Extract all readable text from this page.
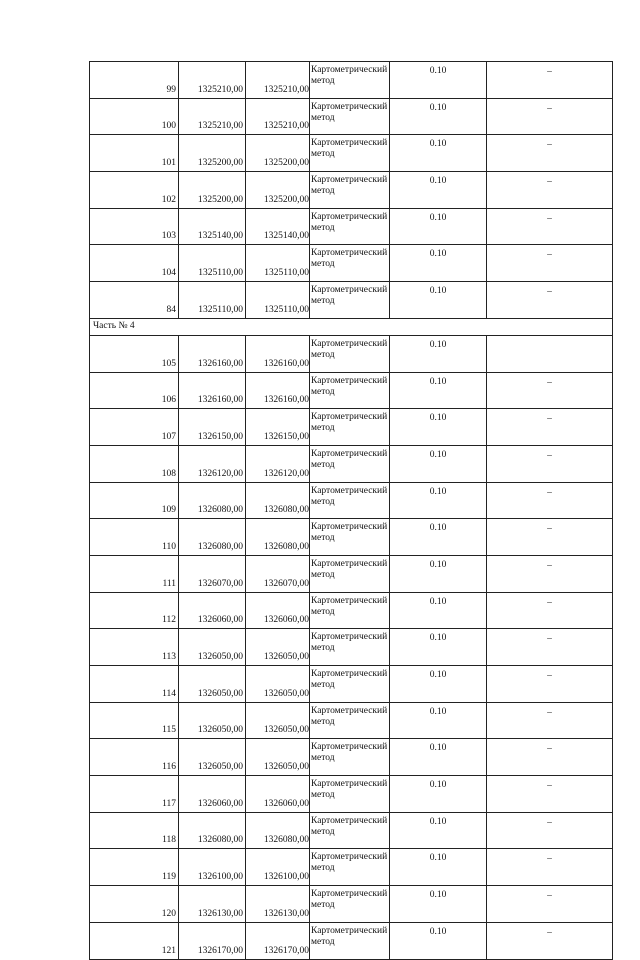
99	1325210,00	1325210,00	Картометрический метод	0.10	–
100	1325210,00	1325210,00	Картометрический метод	0.10	–
101	1325200,00	1325200,00	Картометрический метод	0.10	–
102	1325200,00	1325200,00	Картометрический метод	0.10	–
103	1325140,00	1325140,00	Картометрический метод	0.10	–
104	1325110,00	1325110,00	Картометрический метод	0.10	–
84	1325110,00	1325110,00	Картометрический метод	0.10	–
Часть № 4					
105	1326160,00	1326160,00	Картометрический метод	0.10	
106	1326160,00	1326160,00	Картометрический метод	0.10	–
107	1326150,00	1326150,00	Картометрический метод	0.10	–
108	1326120,00	1326120,00	Картометрический метод	0.10	–
109	1326080,00	1326080,00	Картометрический метод	0.10	–
110	1326080,00	1326080,00	Картометрический метод	0.10	–
111	1326070,00	1326070,00	Картометрический метод	0.10	–
112	1326060,00	1326060,00	Картометрический метод	0.10	–
113	1326050,00	1326050,00	Картометрический метод	0.10	–
114	1326050,00	1326050,00	Картометрический метод	0.10	–
115	1326050,00	1326050,00	Картометрический метод	0.10	–
116	1326050,00	1326050,00	Картометрический метод	0.10	–
117	1326060,00	1326060,00	Картометрический метод	0.10	–
118	1326080,00	1326080,00	Картометрический метод	0.10	–
119	1326100,00	1326100,00	Картометрический метод	0.10	–
120	1326130,00	1326130,00	Картометрический метод	0.10	–
121	1326170,00	1326170,00	Картометрический метод	0.10	–
